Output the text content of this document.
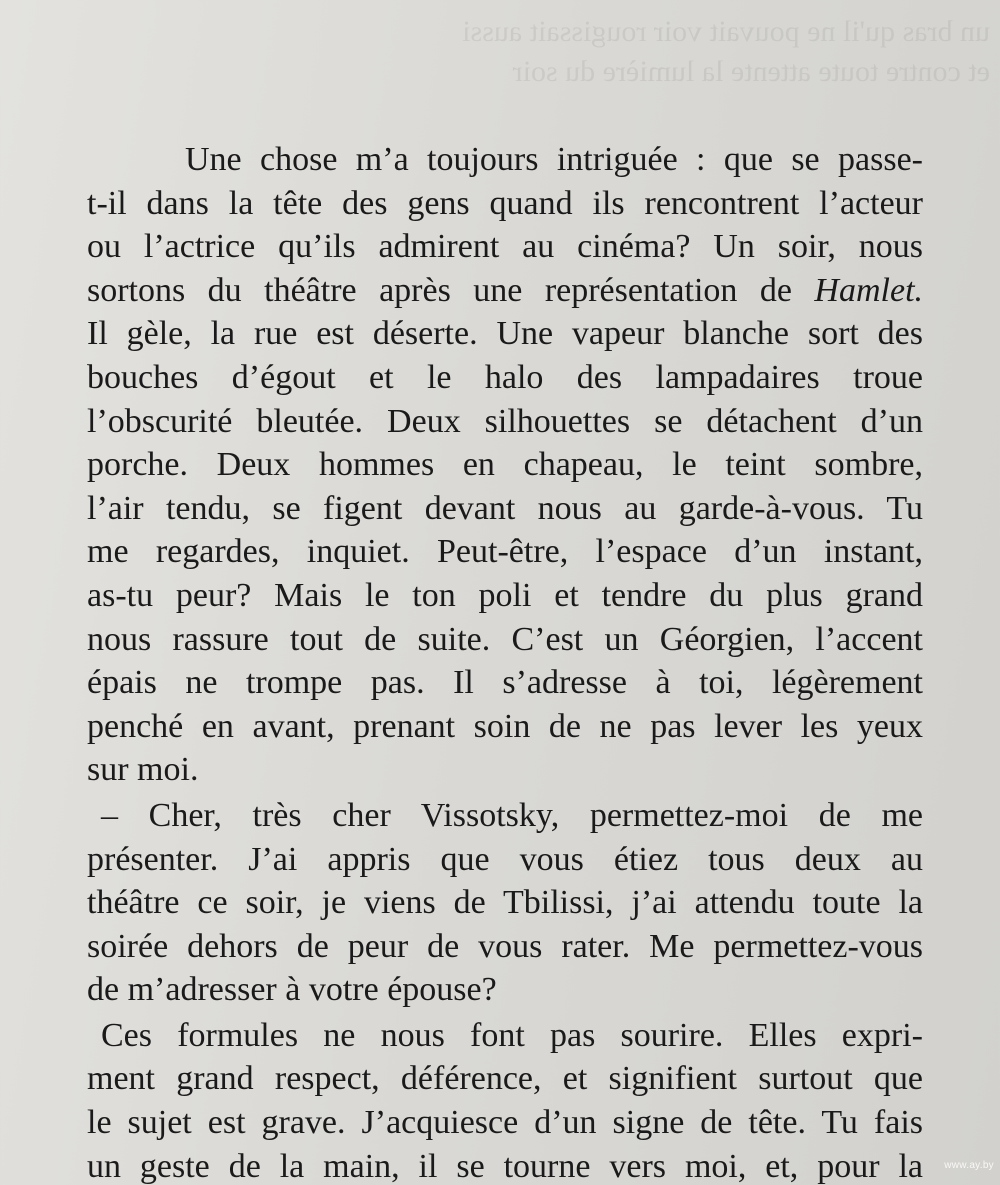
un bras qu'il ne pouvait voir rougissait aussi
et contre toute attente la lumière du soir
Une chose m’a toujours intriguée : que se passe-
t-il dans la tête des gens quand ils rencontrent l’acteur
ou l’actrice qu’ils admirent au cinéma? Un soir, nous
sortons du théâtre après une représentation de Hamlet.
Il gèle, la rue est déserte. Une vapeur blanche sort des
bouches d’égout et le halo des lampadaires troue
l’obscurité bleutée. Deux silhouettes se détachent d’un
porche. Deux hommes en chapeau, le teint sombre,
l’air tendu, se figent devant nous au garde-à-vous. Tu
me regardes, inquiet. Peut-être, l’espace d’un instant,
as-tu peur? Mais le ton poli et tendre du plus grand
nous rassure tout de suite. C’est un Géorgien, l’accent
épais ne trompe pas. Il s’adresse à toi, légèrement
penché en avant, prenant soin de ne pas lever les yeux
sur moi.
– Cher, très cher Vissotsky, permettez-moi de me
présenter. J’ai appris que vous étiez tous deux au
théâtre ce soir, je viens de Tbilissi, j’ai attendu toute la
soirée dehors de peur de vous rater. Me permettez-vous
de m’adresser à votre épouse?
Ces formules ne nous font pas sourire. Elles expri-
ment grand respect, déférence, et signifient surtout que
le sujet est grave. J’acquiesce d’un signe de tête. Tu fais
un geste de la main, il se tourne vers moi, et, pour la www.ay.by
